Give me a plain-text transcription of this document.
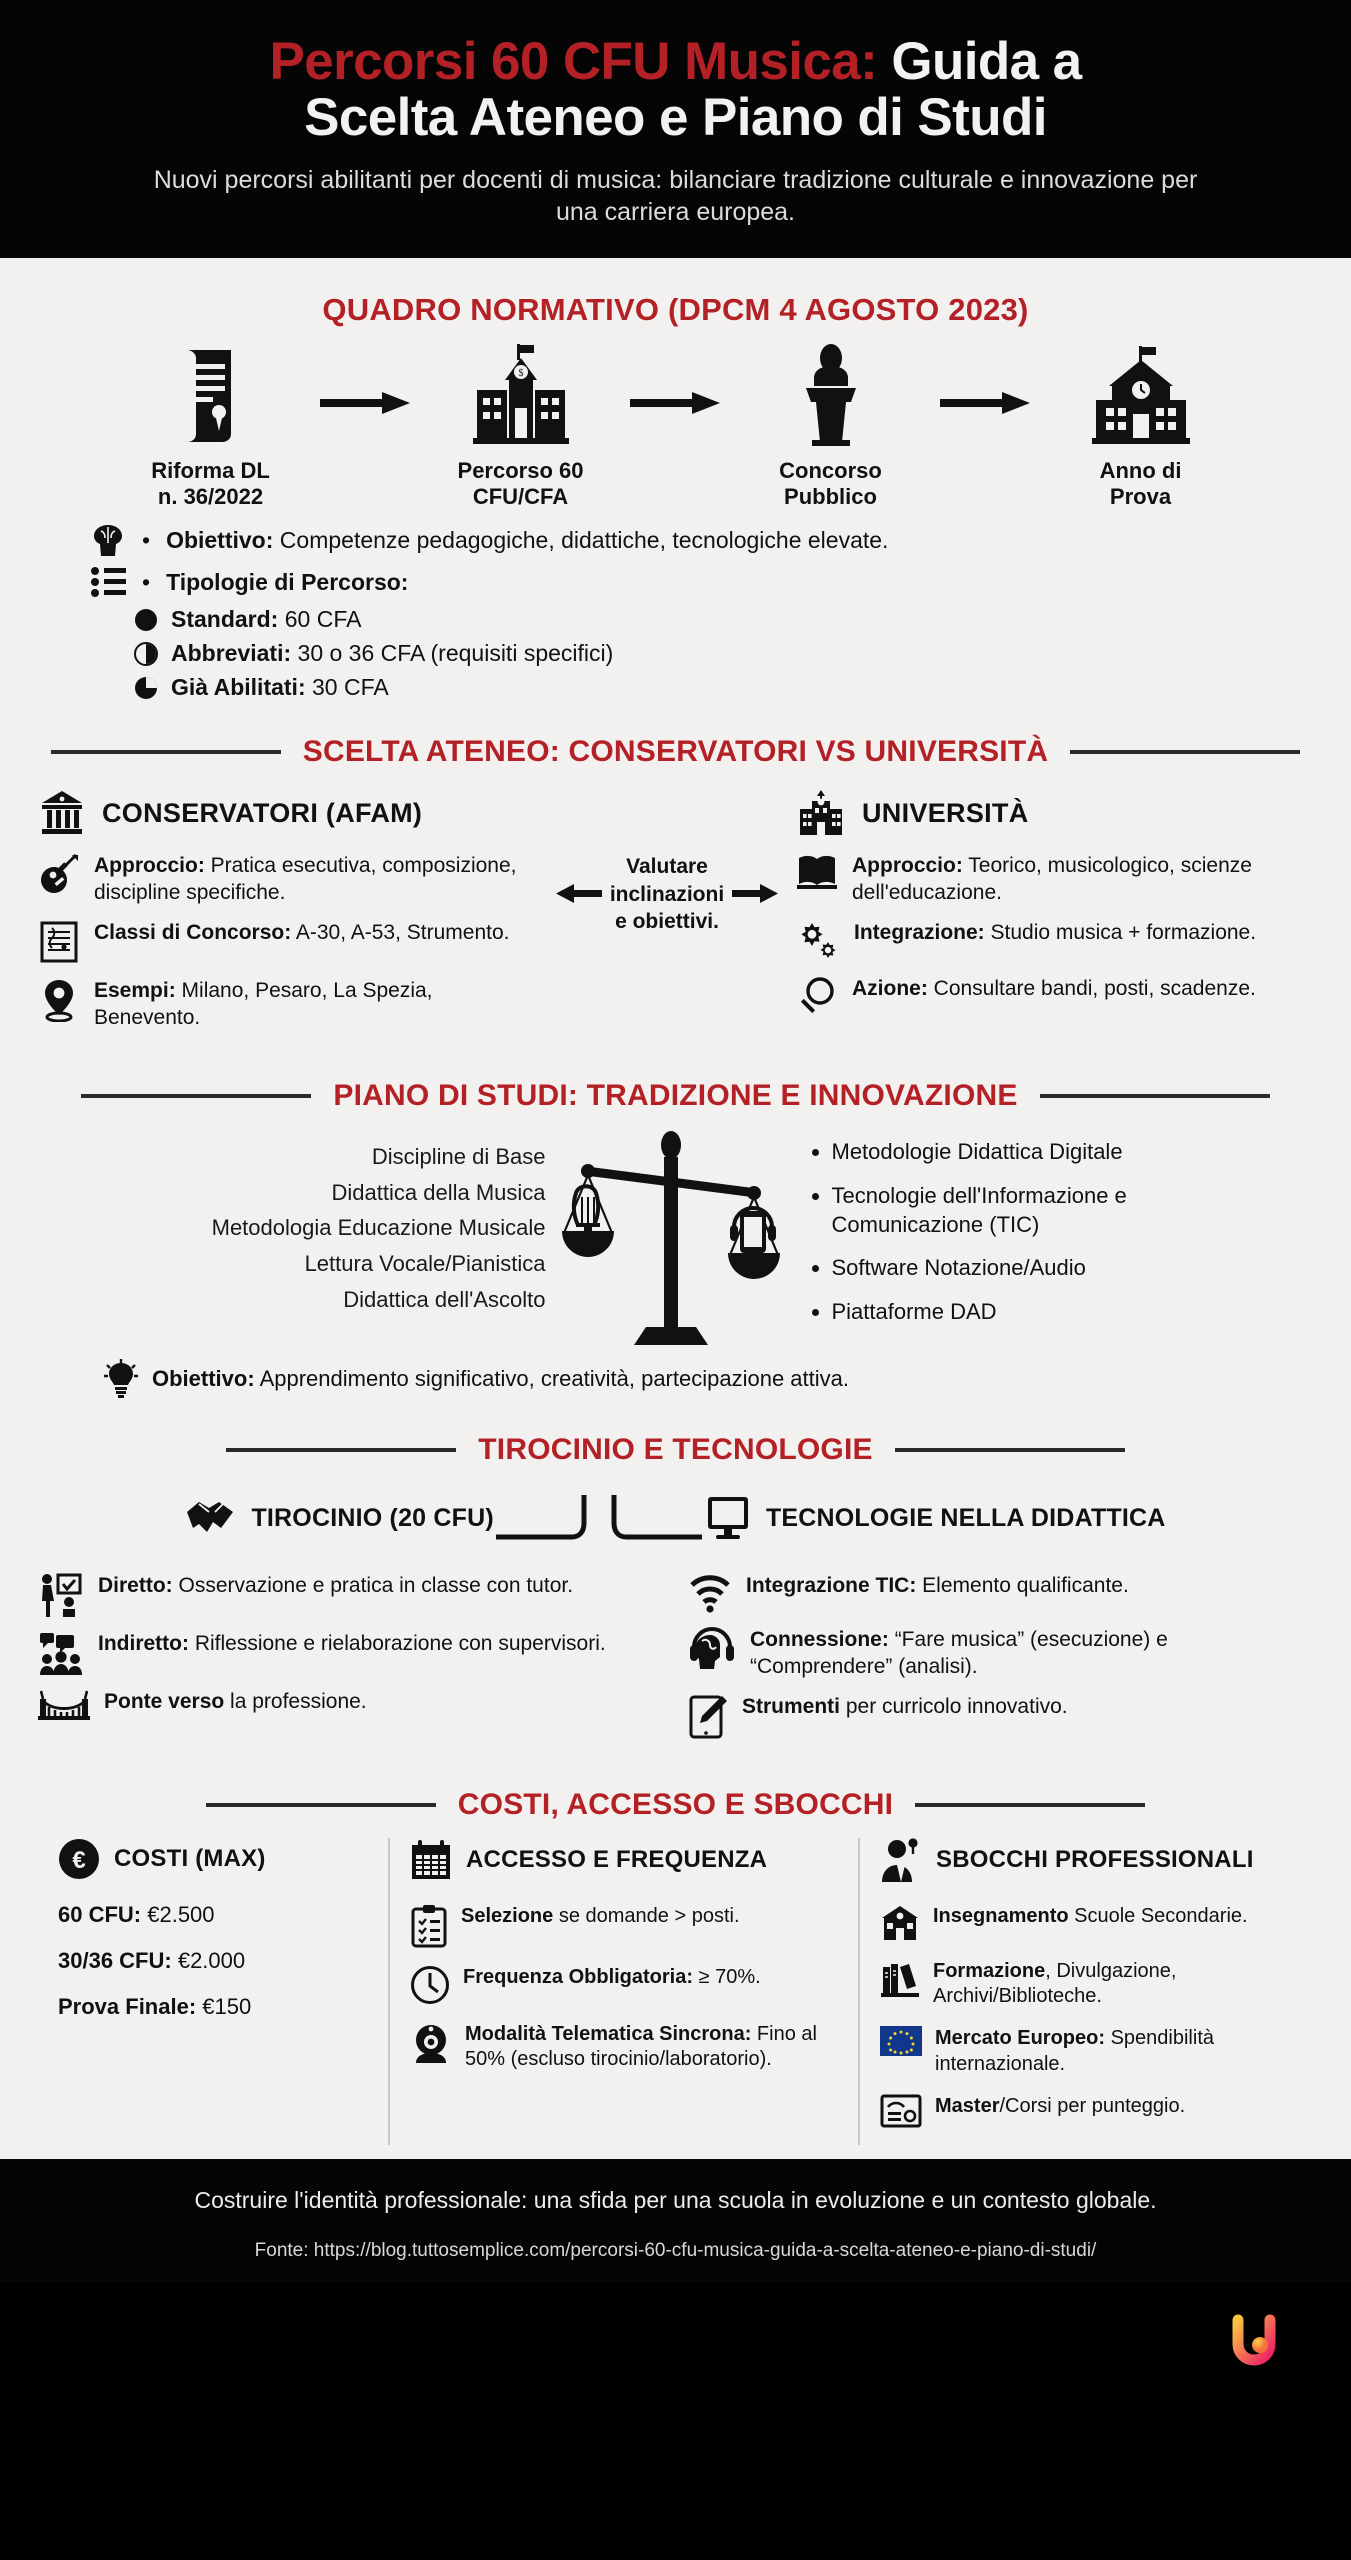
Percorsi 60 CFU Musica: Guida a
Scelta Ateneo e Piano di Studi
Nuovi percorsi abilitanti per docenti di musica: bilanciare tradizione culturale e innovazione per una carriera europea.
QUADRO NORMATIVO (DPCM 4 AGOSTO 2023)
Riforma DL
n. 36/2022
$
Percorso 60
CFU/CFA
Concorso
Pubblico
Anno di
Prova
• Obiettivo: Competenze pedagogiche, didattiche, tecnologiche elevate.
• Tipologie di Percorso:
Standard: 60 CFA
Abbreviati: 30 o 36 CFA (requisiti specifici)
Già Abilitati: 30 CFA
SCELTA ATENEO: CONSERVATORI VS UNIVERSITÀ
CONSERVATORI (AFAM)
Approccio: Pratica esecutiva, composizione, discipline specifiche.
Classi di Concorso: A-30, A-53, Strumento.
Esempi: Milano, Pesaro, La Spezia, Benevento.
Valutare
inclinazioni
e obiettivi.
UNIVERSITÀ
Approccio: Teorico, musicologico, scienze dell'educazione.
Integrazione: Studio musica + formazione.
Azione: Consultare bandi, posti, scadenze.
PIANO DI STUDI: TRADIZIONE E INNOVAZIONE
Discipline di Base
Didattica della Musica
Metodologia Educazione Musicale
Lettura Vocale/Pianistica
Didattica dell'Ascolto
• Metodologie Didattica Digitale
• Tecnologie dell'Informazione e Comunicazione (TIC)
• Software Notazione/Audio
• Piattaforme DAD
Obiettivo: Apprendimento significativo, creatività, partecipazione attiva.
TIROCINIO E TECNOLOGIE
TIROCINIO (20 CFU)	TECNOLOGIE NELLA DIDATTICA
Diretto: Osservazione e pratica in classe con tutor.
Indiretto: Riflessione e rielaborazione con supervisori.
Ponte verso la professione.
Integrazione TIC: Elemento qualificante.
Connessione: “Fare musica” (esecuzione) e “Comprendere” (analisi).
Strumenti per curricolo innovativo.
COSTI, ACCESSO E SBOCCHI
€ COSTI (MAX)
60 CFU: €2.500
30/36 CFU: €2.000
Prova Finale: €150
ACCESSO E FREQUENZA
Selezione se domande > posti.
Frequenza Obbligatoria: ≥ 70%.
Modalità Telematica Sincrona: Fino al 50% (escluso tirocinio/laboratorio).
SBOCCHI PROFESSIONALI
Insegnamento Scuole Secondarie.
Formazione, Divulgazione, Archivi/Biblioteche.
Mercato Europeo: Spendibilità internazionale.
Master/Corsi per punteggio.
Costruire l'identità professionale: una sfida per una scuola in evoluzione e un contesto globale.
Fonte: https://blog.tuttosemplice.com/percorsi-60-cfu-musica-guida-a-scelta-ateneo-e-piano-di-studi/
